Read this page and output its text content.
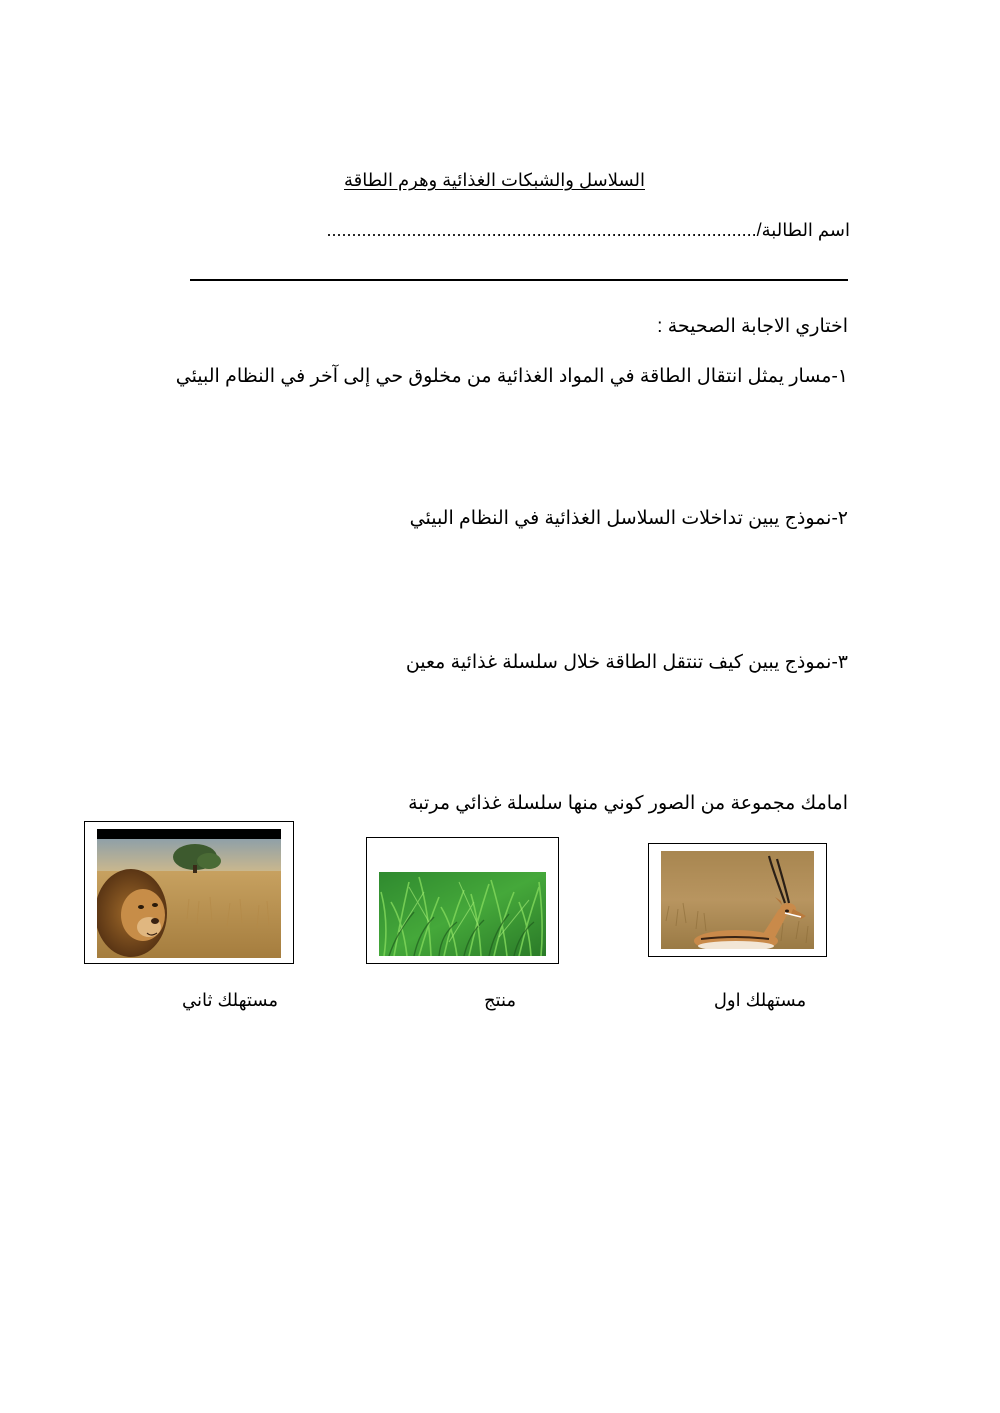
السلاسل والشبكات الغذائية وهرم الطاقة
اسم الطالبة/......................................................................................
اختاري الاجابة الصحيحة :
١-مسار يمثل انتقال الطاقة في المواد الغذائية من مخلوق حي إلى آخر في النظام البيئي
٢-نموذج يبين تداخلات السلاسل الغذائية في النظام البيئي
٣-نموذج يبين كيف تنتقل الطاقة خلال سلسلة غذائية معين
امامك مجموعة من الصور كوني منها سلسلة غذائي مرتبة
مستهلك اول
منتج
مستهلك ثاني
